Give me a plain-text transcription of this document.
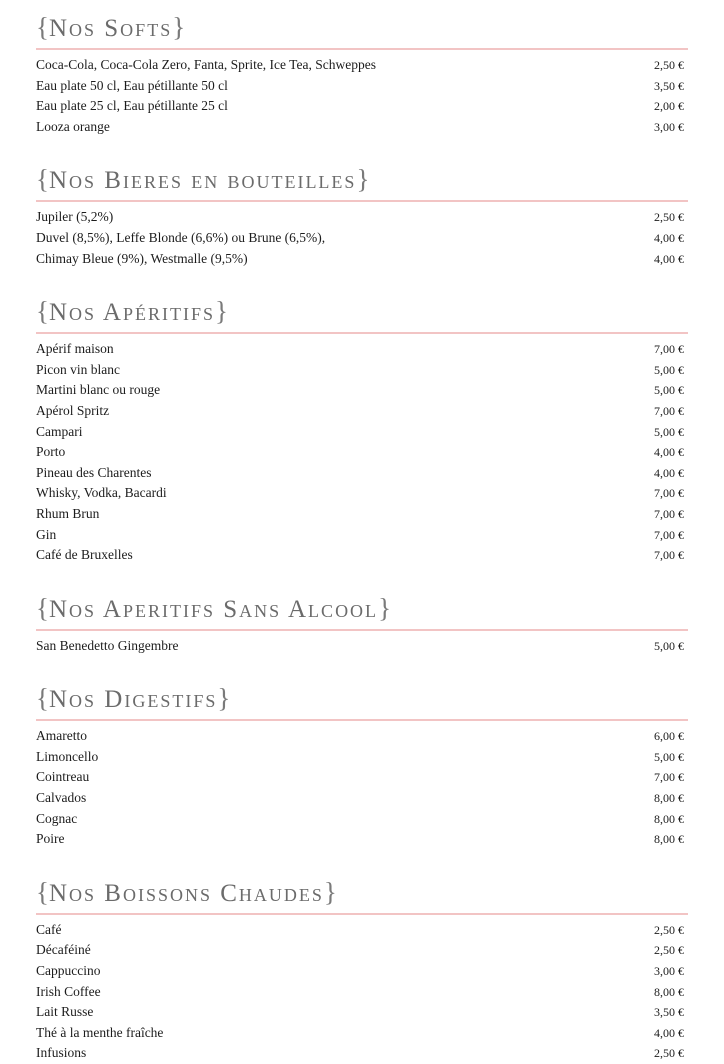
{Nos Softs}
Coca-Cola, Coca-Cola Zero, Fanta, Sprite, Ice Tea, Schweppes	2,50 €
Eau plate 50 cl, Eau pétillante 50 cl	3,50 €
Eau plate 25 cl, Eau pétillante 25 cl	2,00 €
Looza orange	3,00 €
{Nos Bieres en bouteilles}
Jupiler (5,2%)	2,50 €
Duvel (8,5%), Leffe Blonde (6,6%) ou Brune (6,5%),	4,00 €
Chimay Bleue (9%), Westmalle (9,5%)	4,00 €
{Nos Apéritifs}
Apérif maison	7,00 €
Picon vin blanc	5,00 €
Martini blanc ou rouge	5,00 €
Apérol Spritz	7,00 €
Campari	5,00 €
Porto	4,00 €
Pineau des Charentes	4,00 €
Whisky, Vodka, Bacardi	7,00 €
Rhum Brun	7,00 €
Gin	7,00 €
Café de Bruxelles	7,00 €
{Nos Aperitifs Sans Alcool}
San Benedetto Gingembre	5,00 €
{Nos Digestifs}
Amaretto	6,00 €
Limoncello	5,00 €
Cointreau	7,00 €
Calvados	8,00 €
Cognac	8,00 €
Poire	8,00 €
{Nos Boissons Chaudes}
Café	2,50 €
Décaféiné	2,50 €
Cappuccino	3,00 €
Irish Coffee	8,00 €
Lait Russe	3,50 €
Thé à la menthe fraîche	4,00 €
Infusions	2,50 €
